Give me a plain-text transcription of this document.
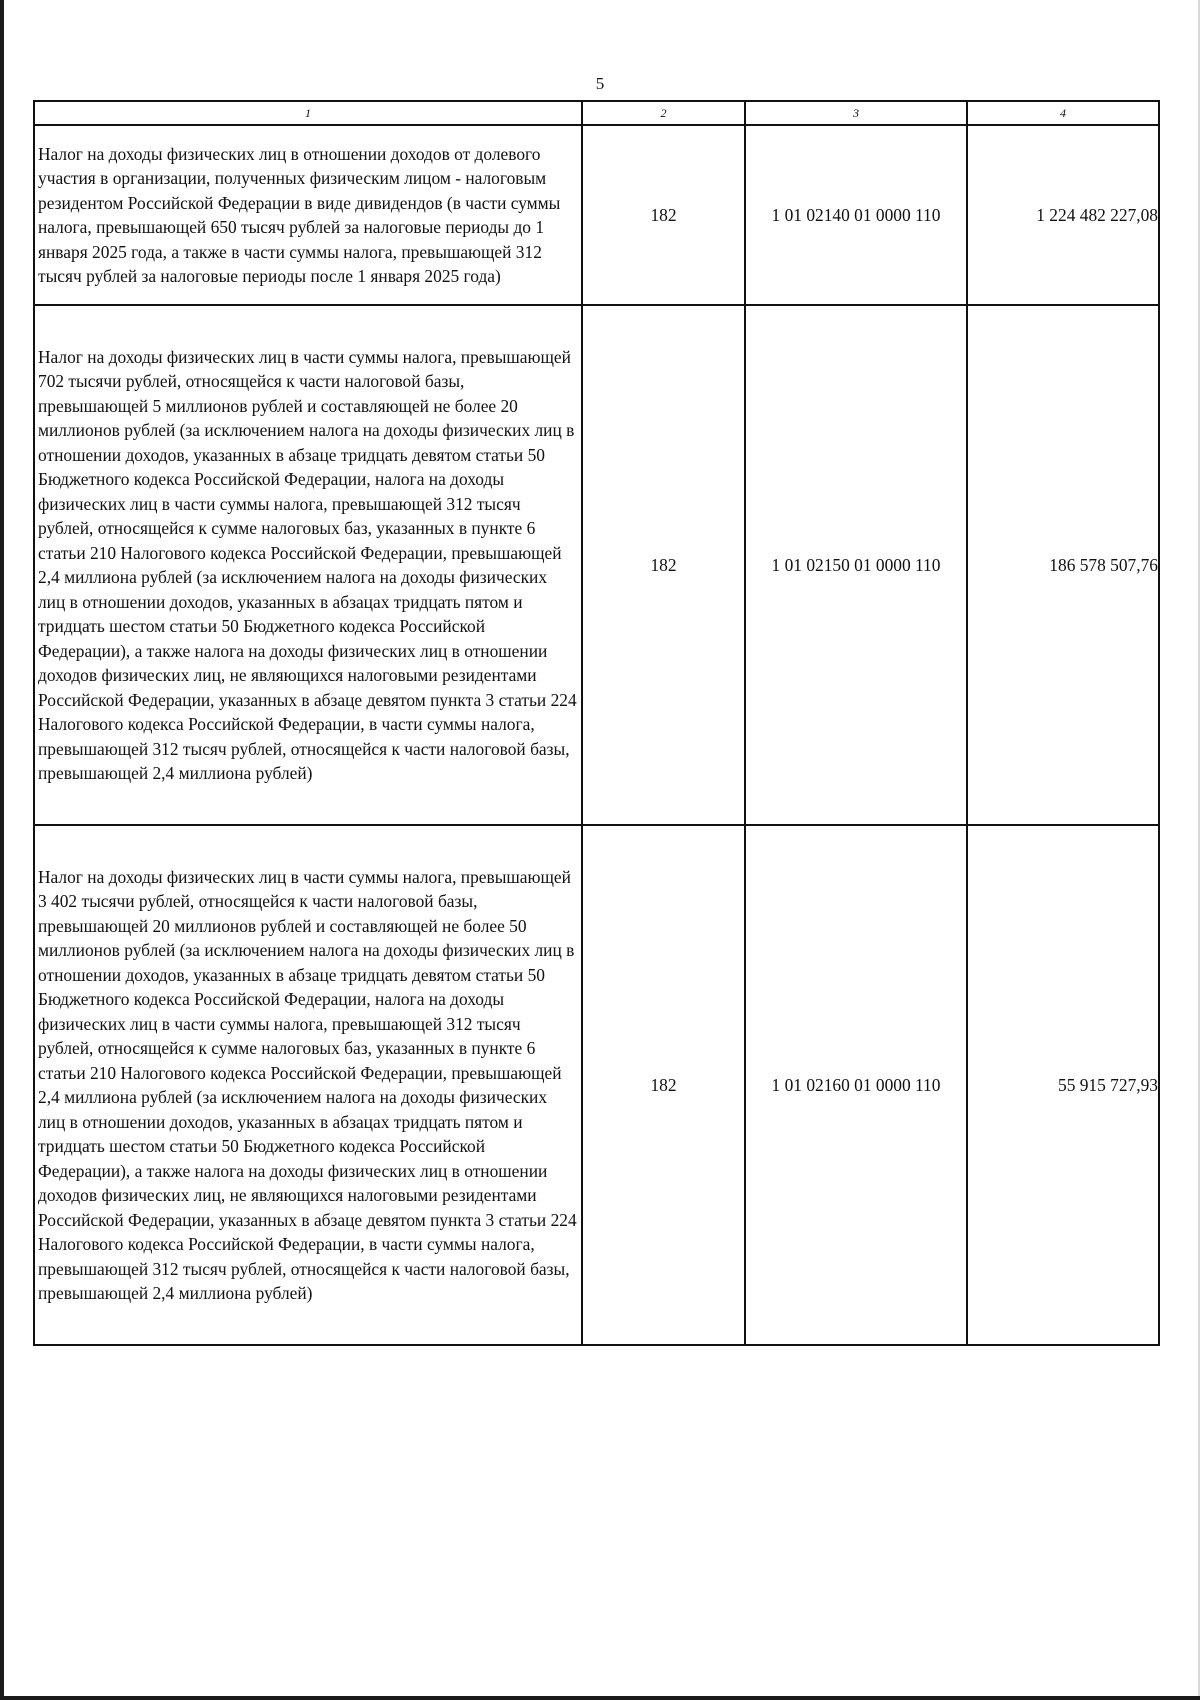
5
1	2	3	4
Налог на доходы физических лиц в отношении доходов от долевого участия в организации, полученных физическим лицом - налоговым резидентом Российской Федерации в виде дивидендов (в части суммы налога, превышающей 650 тысяч рублей за налоговые периоды до 1 января 2025 года, а также в части суммы налога, превышающей 312 тысяч рублей за налоговые периоды после 1 января 2025 года)	182	1 01 02140 01 0000 110	1 224 482 227,08
Налог на доходы физических лиц в части суммы налога, превышающей 702 тысячи рублей, относящейся к части налоговой базы, превышающей 5 миллионов рублей и составляющей не более 20 миллионов рублей (за исключением налога на доходы физических лиц в отношении доходов, указанных в абзаце тридцать девятом статьи 50 Бюджетного кодекса Российской Федерации, налога на доходы физических лиц в части суммы налога, превышающей 312 тысяч рублей, относящейся к сумме налоговых баз, указанных в пункте 6 статьи 210 Налогового кодекса Российской Федерации, превышающей 2,4 миллиона рублей (за исключением налога на доходы физических лиц в отношении доходов, указанных в абзацах тридцать пятом и тридцать шестом статьи 50 Бюджетного кодекса Российской Федерации), а также налога на доходы физических лиц в отношении доходов физических лиц, не являющихся налоговыми резидентами Российской Федерации, указанных в абзаце девятом пункта 3 статьи 224 Налогового кодекса Российской Федерации, в части суммы налога, превышающей 312 тысяч рублей, относящейся к части налоговой базы, превышающей 2,4 миллиона рублей)	182	1 01 02150 01 0000 110	186 578 507,76
Налог на доходы физических лиц в части суммы налога, превышающей 3 402 тысячи рублей, относящейся к части налоговой базы, превышающей 20 миллионов рублей и составляющей не более 50 миллионов рублей (за исключением налога на доходы физических лиц в отношении доходов, указанных в абзаце тридцать девятом статьи 50 Бюджетного кодекса Российской Федерации, налога на доходы физических лиц в части суммы налога, превышающей 312 тысяч рублей, относящейся к сумме налоговых баз, указанных в пункте 6 статьи 210 Налогового кодекса Российской Федерации, превышающей 2,4 миллиона рублей (за исключением налога на доходы физических лиц в отношении доходов, указанных в абзацах тридцать пятом и тридцать шестом статьи 50 Бюджетного кодекса Российской Федерации), а также налога на доходы физических лиц в отношении доходов физических лиц, не являющихся налоговыми резидентами Российской Федерации, указанных в абзаце девятом пункта 3 статьи 224 Налогового кодекса Российской Федерации, в части суммы налога, превышающей 312 тысяч рублей, относящейся к части налоговой базы, превышающей 2,4 миллиона рублей)	182	1 01 02160 01 0000 110	55 915 727,93
